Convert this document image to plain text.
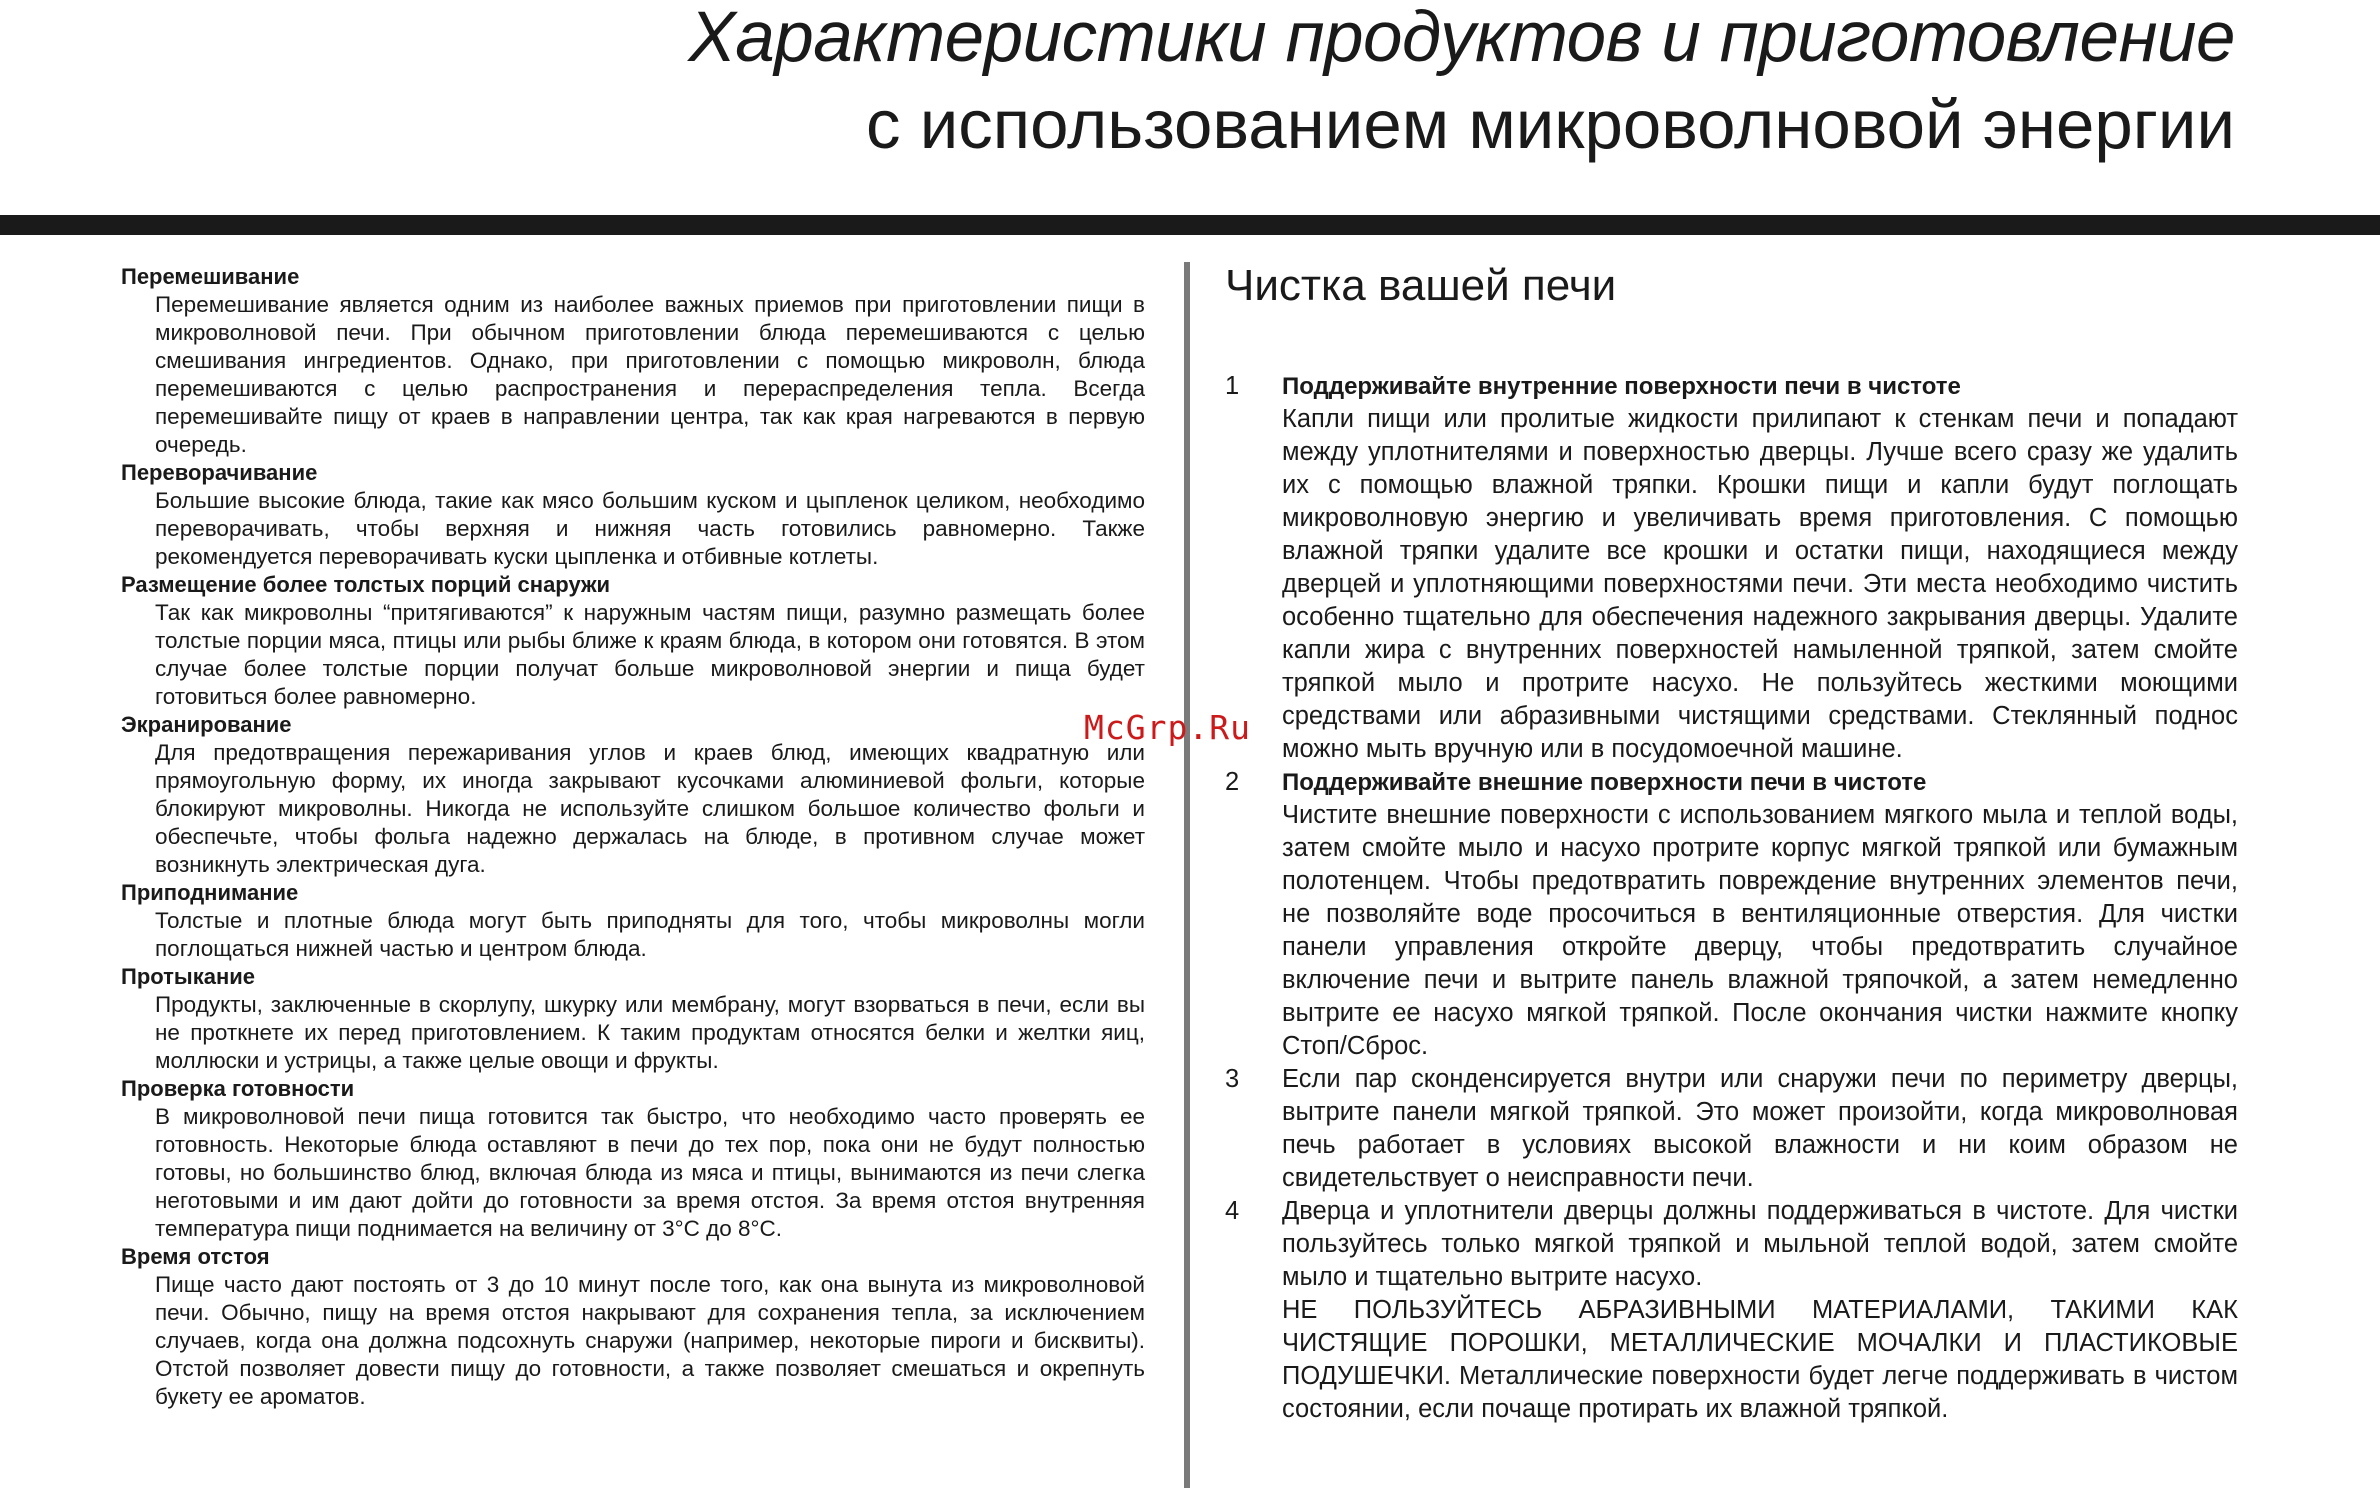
Характеристики продуктов и приготовление
с использованием микроволновой энергии
Перемешивание
Перемешивание является одним из наиболее важных приемов при приготовлении пищи в микроволновой печи. При обычном приготовлении блюда перемешиваются с целью смешивания ингредиентов. Однако, при приготовлении с помощью микроволн, блюда перемешиваются с целью распространения и перераспределения тепла. Всегда перемешивайте пищу от краев в направлении центра, так как края нагреваются в первую очередь.
Переворачивание
Большие высокие блюда, такие как мясо большим куском и цыпленок целиком, необходимо переворачивать, чтобы верхняя и нижняя часть готовились равномерно. Также рекомендуется переворачивать куски цыпленка и отбивные котлеты.
Размещение более толстых порций снаружи
Так как микроволны “притягиваются” к наружным частям пищи, разумно размещать более толстые порции мяса, птицы или рыбы ближе к краям блюда, в котором они готовятся. В этом случае более толстые порции получат больше микроволновой энергии и пища будет готовиться более равномерно.
Экранирование
Для предотвращения пережаривания углов и краев блюд, имеющих квадратную или прямоугольную форму, их иногда закрывают кусочками алюминиевой фольги, которые блокируют микроволны. Никогда не используйте слишком большое количество фольги и обеспечьте, чтобы фольга надежно держалась на блюде, в противном случае может возникнуть электрическая дуга.
Приподнимание
Толстые и плотные блюда могут быть приподняты для того, чтобы микроволны могли поглощаться нижней частью и центром блюда.
Протыкание
Продукты, заключенные в скорлупу, шкурку или мембрану, могут взорваться в печи, если вы не проткнете их перед приготовлением. К таким продуктам относятся белки и желтки яиц, моллюски и устрицы, а также целые овощи и фрукты.
Проверка готовности
В микроволновой печи пища готовится так быстро, что необходимо часто проверять ее готовность. Некоторые блюда оставляют в печи до тех пор, пока они не будут полностью готовы, но большинство блюд, включая блюда из мяса и птицы, вынимаются из печи слегка неготовыми и им дают дойти до готовности за время отстоя. За время отстоя внутренняя температура пищи поднимается на величину от 3°С до 8°С.
Время отстоя
Пище часто дают постоять от 3 до 10 минут после того, как она вынута из микроволновой печи. Обычно, пищу на время отстоя накрывают для сохранения тепла, за исключением случаев, когда она должна подсохнуть снаружи (например, некоторые пироги и бисквиты). Отстой позволяет довести пищу до готовности, а также позволяет смешаться и окрепнуть букету ее ароматов.
Чистка вашей печи
1	Поддерживайте внутренние поверхности печи в чистоте
Капли пищи или пролитые жидкости прилипают к стенкам печи и попадают между уплотнителями и поверхностью дверцы. Лучше всего сразу же удалить их с помощью влажной тряпки. Крошки пищи и капли будут поглощать микроволновую энергию и увеличивать время приготовления. С помощью влажной тряпки удалите все крошки и остатки пищи, находящиеся между дверцей и уплотняющими поверхностями печи. Эти места необходимо чистить особенно тщательно для обеспечения надежного закрывания дверцы. Удалите капли жира с внутренних поверхностей намыленной тряпкой, затем смойте тряпкой мыло и протрите насухо. Не пользуйтесь жесткими моющими средствами или абразивными чистящими средствами. Стеклянный поднос можно мыть вручную или в посудомоечной машине.
2	Поддерживайте внешние поверхности печи в чистоте
Чистите внешние поверхности с использованием мягкого мыла и теплой воды, затем смойте мыло и насухо протрите корпус мягкой тряпкой или бумажным полотенцем. Чтобы предотвратить повреждение внутренних элементов печи, не позволяйте воде просочиться в вентиляционные отверстия. Для чистки панели управления откройте дверцу, чтобы предотвратить случайное включение печи и вытрите панель влажной тряпочкой, а затем немедленно вытрите ее насухо мягкой тряпкой. После окончания чистки нажмите кнопку Стоп/Сброс.
3	Если пар сконденсируется внутри или снаружи печи по периметру дверцы, вытрите панели мягкой тряпкой. Это может произойти, когда микроволновая печь работает в условиях высокой влажности и ни коим образом не свидетельствует о неисправности печи.
4	Дверца и уплотнители дверцы должны поддерживаться в чистоте. Для чистки пользуйтесь только мягкой тряпкой и мыльной теплой водой, затем смойте мыло и тщательно вытрите насухо.
НЕ ПОЛЬЗУЙТЕСЬ АБРАЗИВНЫМИ МАТЕРИАЛАМИ, ТАКИМИ КАК ЧИСТЯЩИЕ ПОРОШКИ, МЕТАЛЛИЧЕСКИЕ МОЧАЛКИ И ПЛАСТИКОВЫЕ ПОДУШЕЧКИ. Металлические поверхности будет легче поддерживать в чистом состоянии, если почаще протирать их влажной тряпкой.
McGrp.Ru
